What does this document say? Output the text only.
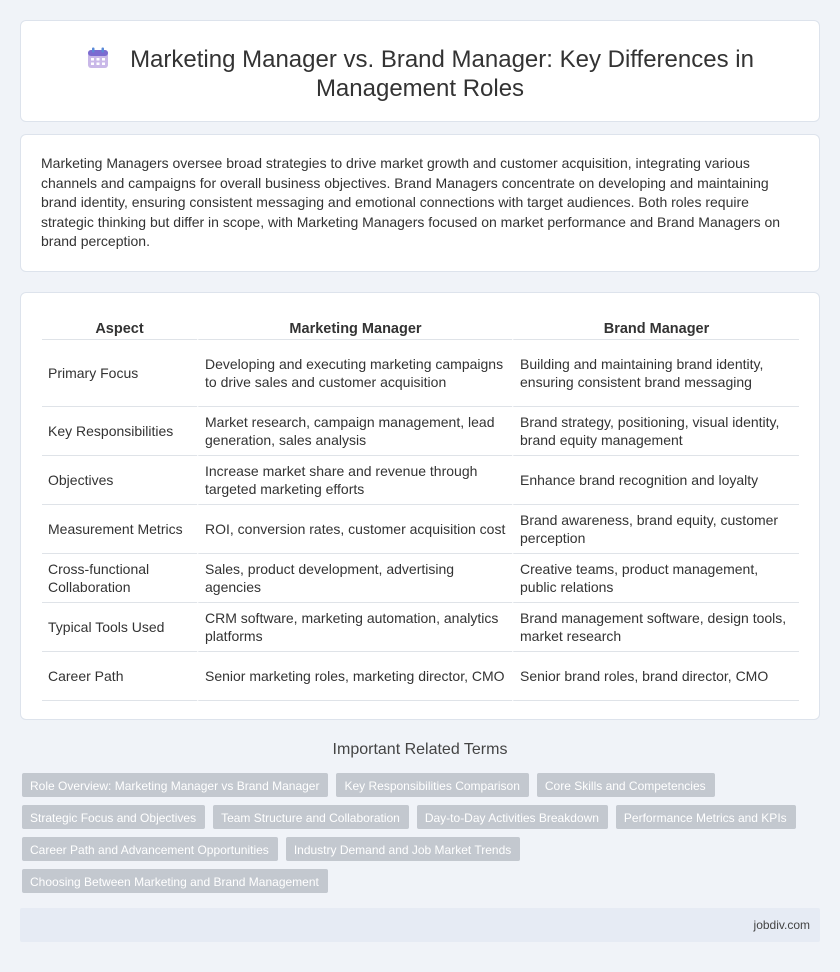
Marketing Manager vs. Brand Manager: Key Differences in Management Roles

Marketing Managers oversee broad strategies to drive market growth and customer acquisition, integrating various channels and campaigns for overall business objectives. Brand Managers concentrate on developing and maintaining brand identity, ensuring consistent messaging and emotional connections with target audiences. Both roles require strategic thinking but differ in scope, with Marketing Managers focused on market performance and Brand Managers on brand perception.

Aspect	Marketing Manager	Brand Manager
Primary Focus	Developing and executing marketing campaigns to drive sales and customer acquisition	Building and maintaining brand identity, ensuring consistent brand messaging
Key Responsibilities	Market research, campaign management, lead generation, sales analysis	Brand strategy, positioning, visual identity, brand equity management
Objectives	Increase market share and revenue through targeted marketing efforts	Enhance brand recognition and loyalty
Measurement Metrics	ROI, conversion rates, customer acquisition cost	Brand awareness, brand equity, customer perception
Cross-functional Collaboration	Sales, product development, advertising agencies	Creative teams, product management, public relations
Typical Tools Used	CRM software, marketing automation, analytics platforms	Brand management software, design tools, market research
Career Path	Senior marketing roles, marketing director, CMO	Senior brand roles, brand director, CMO
Important Related Terms
Role Overview: Marketing Manager vs Brand Manager	Key Responsibilities Comparison	Core Skills and Competencies
Strategic Focus and Objectives	Team Structure and Collaboration	Day-to-Day Activities Breakdown	Performance Metrics and KPIs
Career Path and Advancement Opportunities	Industry Demand and Job Market Trends
Choosing Between Marketing and Brand Management
jobdiv.com
